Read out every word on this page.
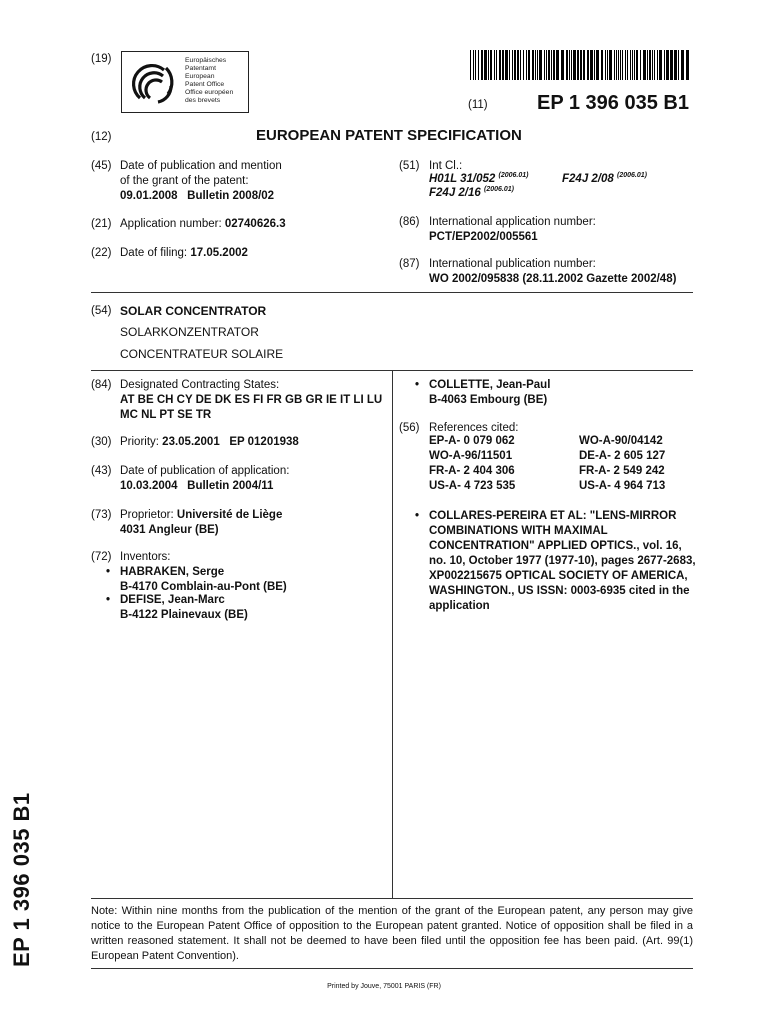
(19)	Europäisches
Patentamt
European
Patent Office
Office européen
des brevets	(11) EP 1 396 035 B1
(12)	EUROPEAN PATENT SPECIFICATION
(45) Date of publication and mention
of the grant of the patent:
09.01.2008   Bulletin 2008/02
(21) Application number: 02740626.3
(22) Date of filing: 17.05.2002
(51) Int Cl.:
H01L 31/052 $^{(2006.01)}$	F24J 2/08 $^{(2006.01)}$
F24J 2/16 $^{(2006.01)}$
(86) International application number:
PCT/EP2002/005561
(87) International publication number:
WO 2002/095838 (28.11.2002 Gazette 2002/48)
(54) SOLAR CONCENTRATOR
SOLARKONZENTRATOR
CONCENTRATEUR SOLAIRE
(84) Designated Contracting States:
AT BE CH CY DE DK ES FI FR GB GR IE IT LI LU
MC NL PT SE TR
(30) Priority: 23.05.2001   EP 01201938
(43) Date of publication of application:
10.03.2004   Bulletin 2004/11
(73) Proprietor: Université de Liège
4031 Angleur (BE)
(72) Inventors:
• HABRAKEN, Serge
B-4170 Comblain-au-Pont (BE)
• DEFISE, Jean-Marc
B-4122 Plainevaux (BE)
• COLLETTE, Jean-Paul
B-4063 Embourg (BE)
(56) References cited:
EP-A- 0 079 062	WO-A-90/04142
WO-A-96/11501	DE-A- 2 605 127
FR-A- 2 404 306	FR-A- 2 549 242
US-A- 4 723 535	US-A- 4 964 713
• COLLARES-PEREIRA ET AL: "LENS-MIRROR
COMBINATIONS WITH MAXIMAL
CONCENTRATION" APPLIED OPTICS., vol. 16,
no. 10, October 1977 (1977-10), pages 2677-2683,
XP002215675 OPTICAL SOCIETY OF AMERICA,
WASHINGTON., US ISSN: 0003-6935 cited in the
application
Note: Within nine months from the publication of the mention of the grant of the European patent, any person may give notice to the European Patent Office of opposition to the European patent granted. Notice of opposition shall be filed in a written reasoned statement. It shall not be deemed to have been filed until the opposition fee has been paid. (Art. 99(1) European Patent Convention).
Printed by Jouve, 75001 PARIS (FR)
EP 1 396 035 B1
